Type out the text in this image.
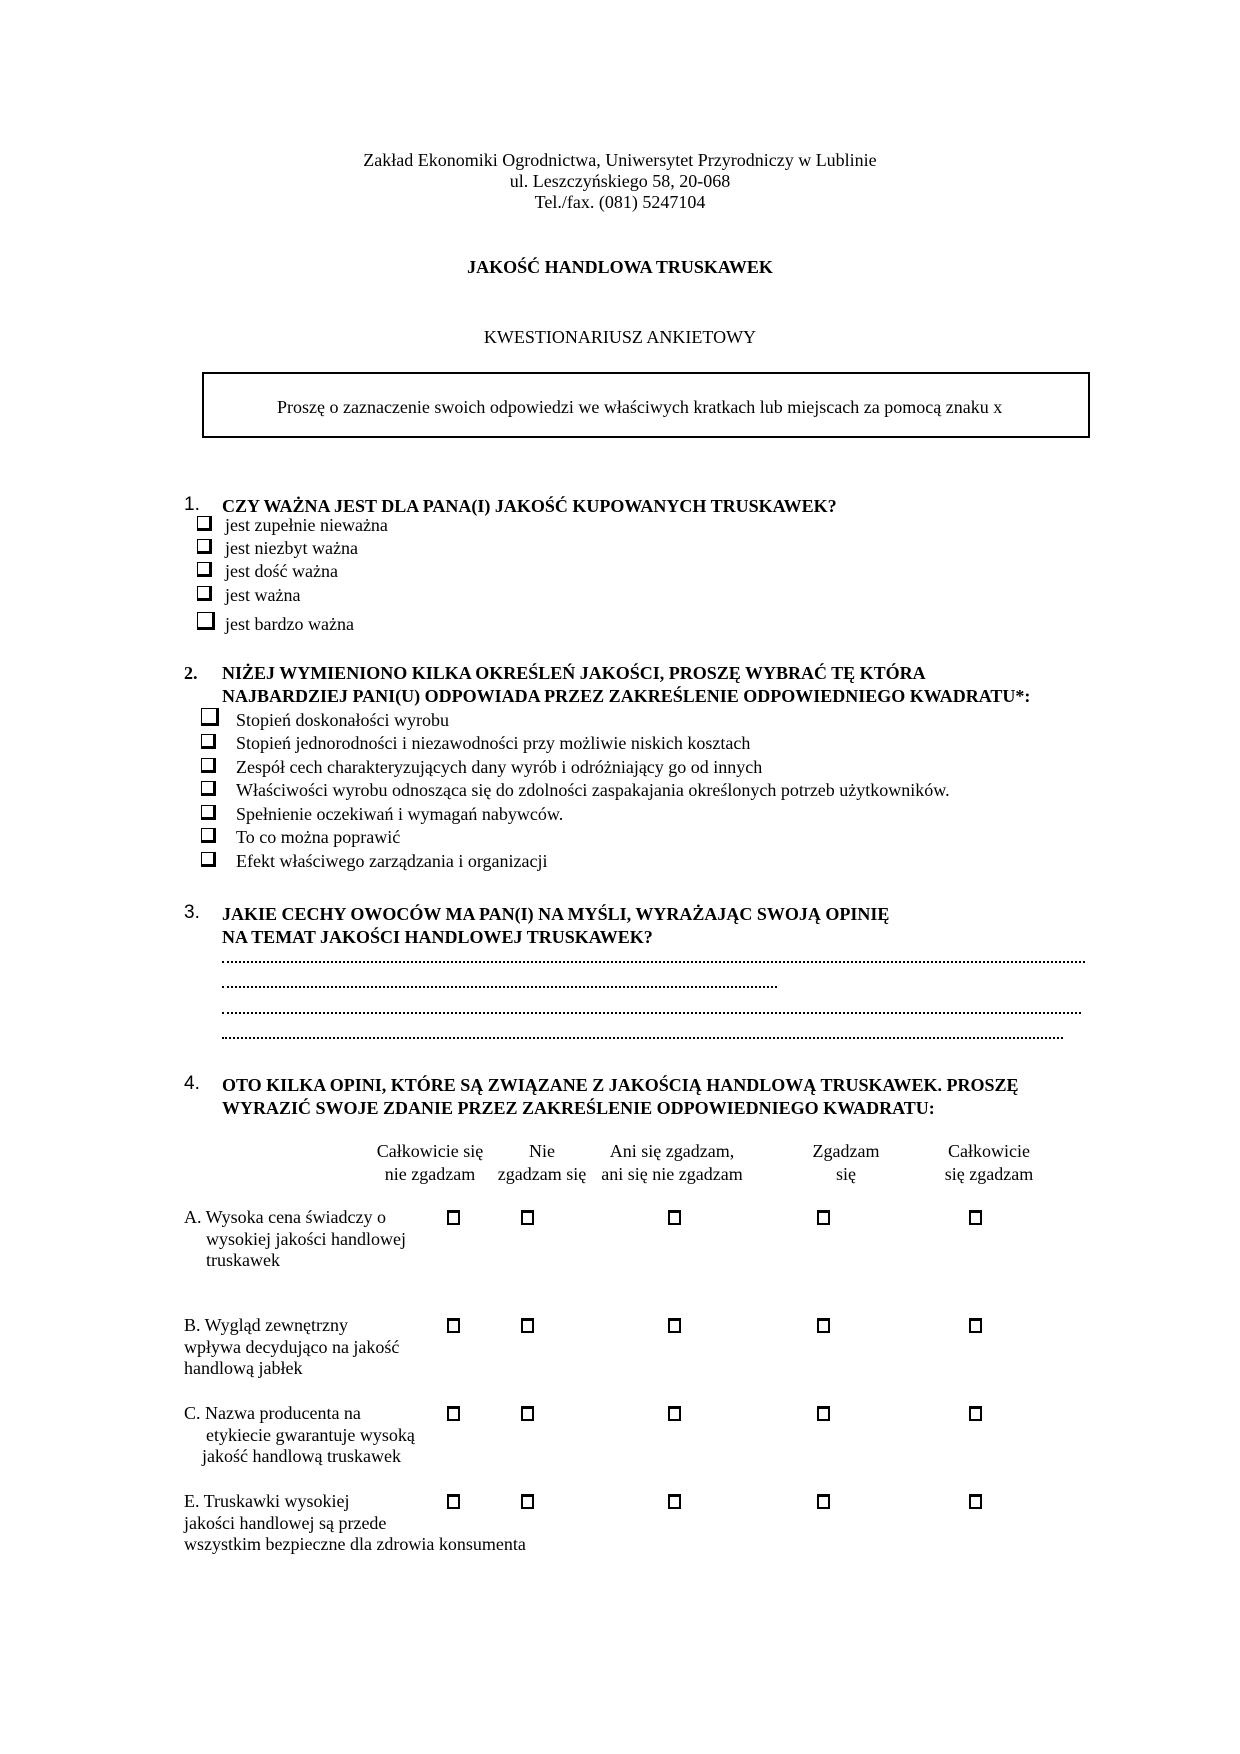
Zakład Ekonomiki Ogrodnictwa, Uniwersytet Przyrodniczy w Lublinie
ul. Leszczyńskiego 58, 20-068
Tel./fax. (081) 5247104
JAKOŚĆ HANDLOWA TRUSKAWEK
KWESTIONARIUSZ ANKIETOWY
Proszę o zaznaczenie swoich odpowiedzi we właściwych kratkach lub miejscach za pomocą znaku x
1. CZY WAŻNA JEST DLA PANA(I) JAKOŚĆ KUPOWANYCH TRUSKAWEK?
jest zupełnie nieważna
jest niezbyt ważna
jest dość ważna
jest ważna
jest bardzo ważna
2. NIŻEJ WYMIENIONO KILKA OKREŚLEŃ JAKOŚCI, PROSZĘ WYBRAĆ TĘ KTÓRA
NAJBARDZIEJ PANI(U) ODPOWIADA PRZEZ ZAKREŚLENIE ODPOWIEDNIEGO KWADRATU*:
Stopień doskonałości wyrobu
Stopień jednorodności i niezawodności przy możliwie niskich kosztach
Zespół cech charakteryzujących dany wyrób i odróżniający go od innych
Właściwości wyrobu odnosząca się do zdolności zaspakajania określonych potrzeb użytkowników.
Spełnienie oczekiwań i wymagań nabywców.
To co można poprawić
Efekt właściwego zarządzania i organizacji
3. JAKIE CECHY OWOCÓW MA PAN(I) NA MYŚLI, WYRAŻAJĄC SWOJĄ OPINIĘ
NA TEMAT JAKOŚCI HANDLOWEJ TRUSKAWEK?
4. OTO KILKA OPINI, KTÓRE SĄ ZWIĄZANE Z JAKOŚCIĄ HANDLOWĄ TRUSKAWEK. PROSZĘ
WYRAZIĆ SWOJE ZDANIE PRZEZ ZAKREŚLENIE ODPOWIEDNIEGO KWADRATU:
Całkowicie się
nie zgadzam
Nie
zgadzam się
Ani się zgadzam,
ani się nie zgadzam
Zgadzam
się
Całkowicie
się zgadzam
A. Wysoka cena świadczy o
wysokiej jakości handlowej
truskawek
B. Wygląd zewnętrzny
wpływa decydująco na jakość
handlową jabłek
C. Nazwa producenta na
etykiecie gwarantuje wysoką
jakość handlową truskawek
E. Truskawki wysokiej
jakości handlowej są przede
wszystkim bezpieczne dla zdrowia konsumenta
